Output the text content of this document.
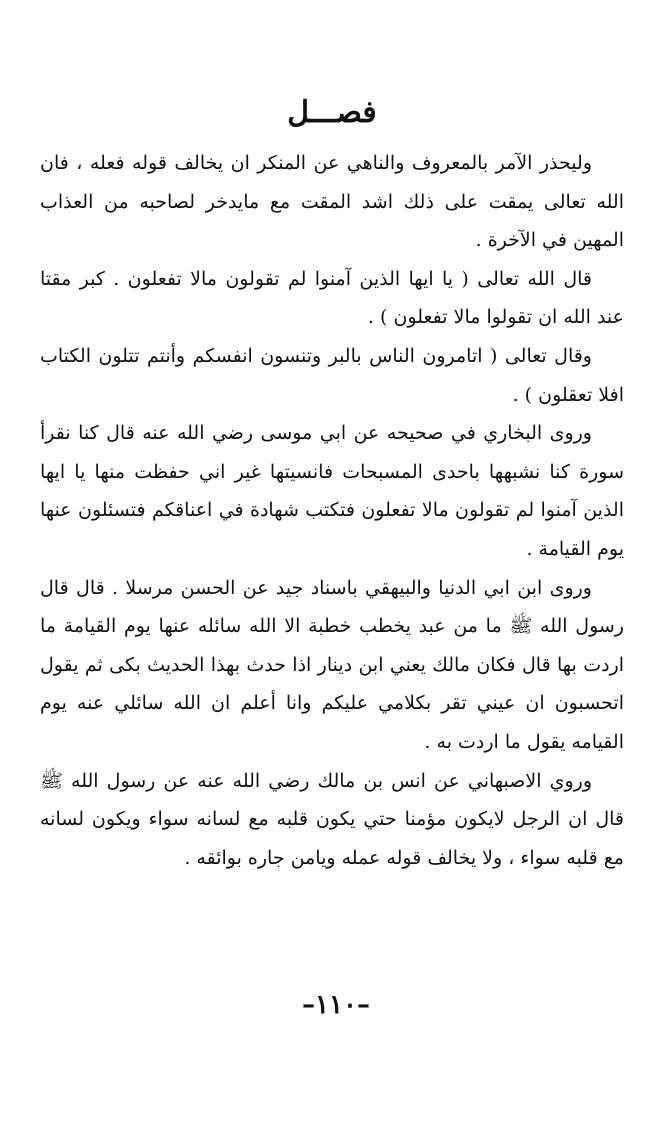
فصـــل

وليحذر الآمر بالمعروف والناهي عن المنكر ان يخالف قوله فعله ، فان الله تعالى يمقت على ذلك اشد المقت مع مايدخر لصاحبه من العذاب المهين في الآخرة .

قال الله تعالى ( يا ايها الذين آمنوا لم تقولون مالا تفعلون . كبر مقتا عند الله ان تقولوا مالا تفعلون ) .

وقال تعالى ( اتامرون الناس بالبر وتنسون انفسكم وأنتم تتلون الكتاب افلا تعقلون ) .

وروى البخاري في صحيحه عن ابي موسى رضي الله عنه قال كنا نقرأ سورة كنا نشبهها باحدى المسبحات فانسيتها غير اني حفظت منها يا ايها الذين آمنوا لم تقولون مالا تفعلون فتكتب شهادة في اعناقكم فتسئلون عنها يوم القيامة .

وروى ابن ابي الدنيا والبيهقي باسناد جيد عن الحسن مرسلا . قال قال رسول الله ﷺ ما من عبد يخطب خطبة الا الله سائله عنها يوم القيامة ما اردت بها قال فكان مالك يعني ابن دينار اذا حدث بهذا الحديث بكى ثم يقول اتحسبون ان عيني تقر بكلامي عليكم وانا أعلم ان الله سائلي عنه يوم القيامه يقول ما اردت به .

وروي الاصبهاني عن انس بن مالك رضي الله عنه عن رسول الله ﷺ قال ان الرجل لايكون مؤمنا حتي يكون قلبه مع لسانه سواء ويكون لسانه مع قلبه سواء ، ولا يخالف قوله عمله ويامن جاره بوائقه .

–١١٠–
